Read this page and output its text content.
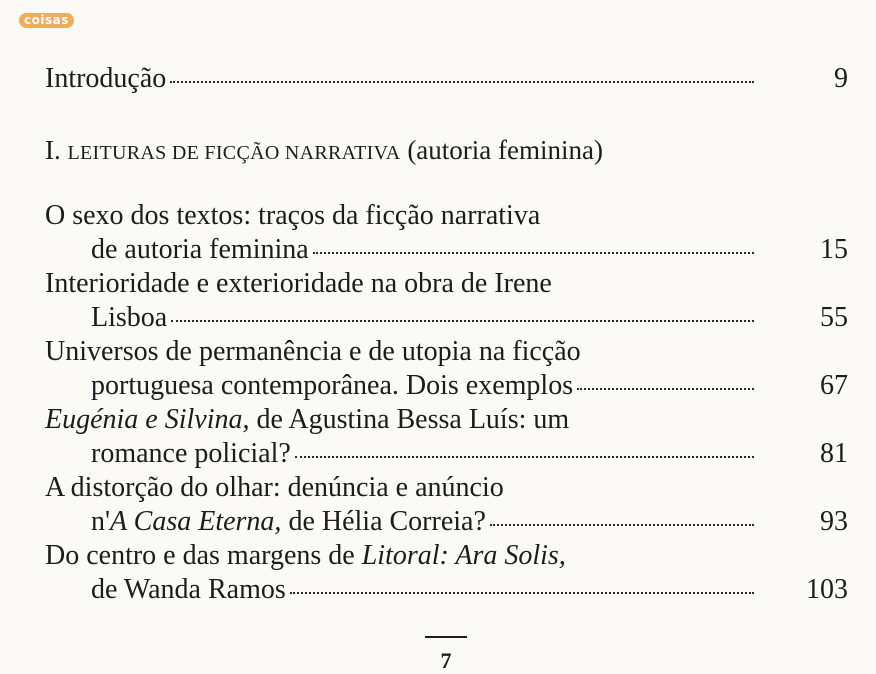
coisas
Introdução	9
I. LEITURAS DE FICÇÃO NARRATIVA (autoria feminina)
O sexo dos textos: traços da ficção narrativa
de autoria feminina	15
Interioridade e exterioridade na obra de Irene
Lisboa	55
Universos de permanência e de utopia na ficção
portuguesa contemporânea. Dois exemplos	67
Eugénia e Silvina, de Agustina Bessa Luís: um
romance policial?	81
A distorção do olhar: denúncia e anúncio
n'A Casa Eterna, de Hélia Correia?	93
Do centro e das margens de Litoral: Ara Solis,
de Wanda Ramos	103
7
